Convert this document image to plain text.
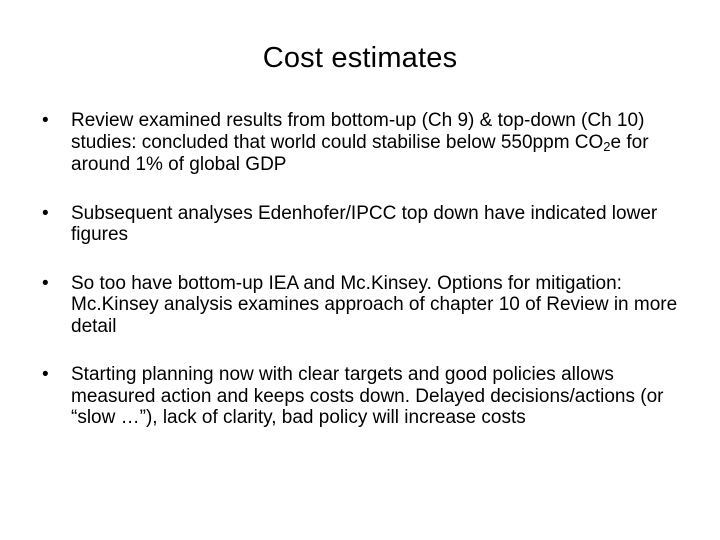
Cost estimates
•	Review examined results from bottom-up (Ch 9) & top-down (Ch 10) studies: concluded that world could stabilise below 550ppm CO2e for around 1% of global GDP
•	Subsequent analyses Edenhofer/IPCC top down have indicated lower figures
•	So too have bottom-up IEA and Mc.Kinsey. Options for mitigation: Mc.Kinsey analysis examines approach of chapter 10 of Review in more detail
•	Starting planning now with clear targets and good policies allows measured action and keeps costs down. Delayed decisions/actions (or “slow …”), lack of clarity, bad policy will increase costs
